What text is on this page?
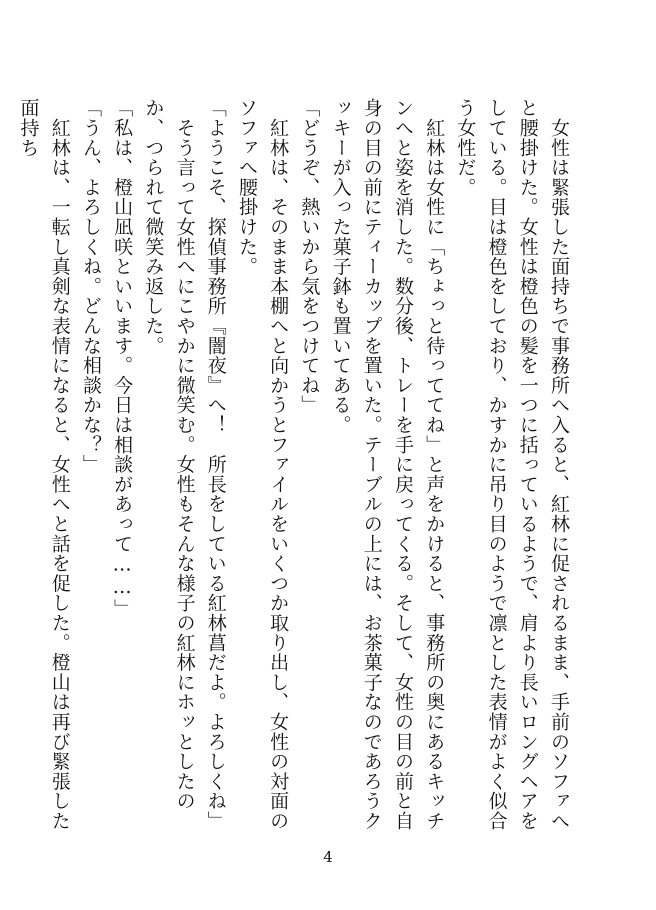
　女性は緊張した面持ちで事務所へ入ると、紅林に促されるまま、手前のソファへと腰掛けた。女性は橙色の髪を一つに括っているようで、肩より長いロングヘアをしている。目は橙色をしており、かすかに吊り目のようで凛とした表情がよく似合う女性だ。

　紅林は女性に「ちょっと待っててね」と声をかけると、事務所の奥にあるキッチンへと姿を消した。数分後、トレーを手に戻ってくる。そして、女性の目の前と自身の目の前にティーカップを置いた。テーブルの上には、お茶菓子なのであろうクッキーが入った菓子鉢も置いてある。

「どうぞ、熱いから気をつけてね」

　紅林は、そのまま本棚へと向かうとファイルをいくつか取り出し、女性の対面のソファへ腰掛けた。

「ようこそ、探偵事務所『闇夜』へ！　所長をしている紅林菖だよ。よろしくね」

　そう言って女性へにこやかに微笑む。女性もそんな様子の紅林にホッとしたのか、つられて微笑み返した。

「私は、橙山凪咲といいます。今日は相談があって……」

「うん、よろしくね。どんな相談かな？」

　紅林は、一転し真剣な表情になると、女性へと話を促した。橙山は再び緊張した面持ち

4
